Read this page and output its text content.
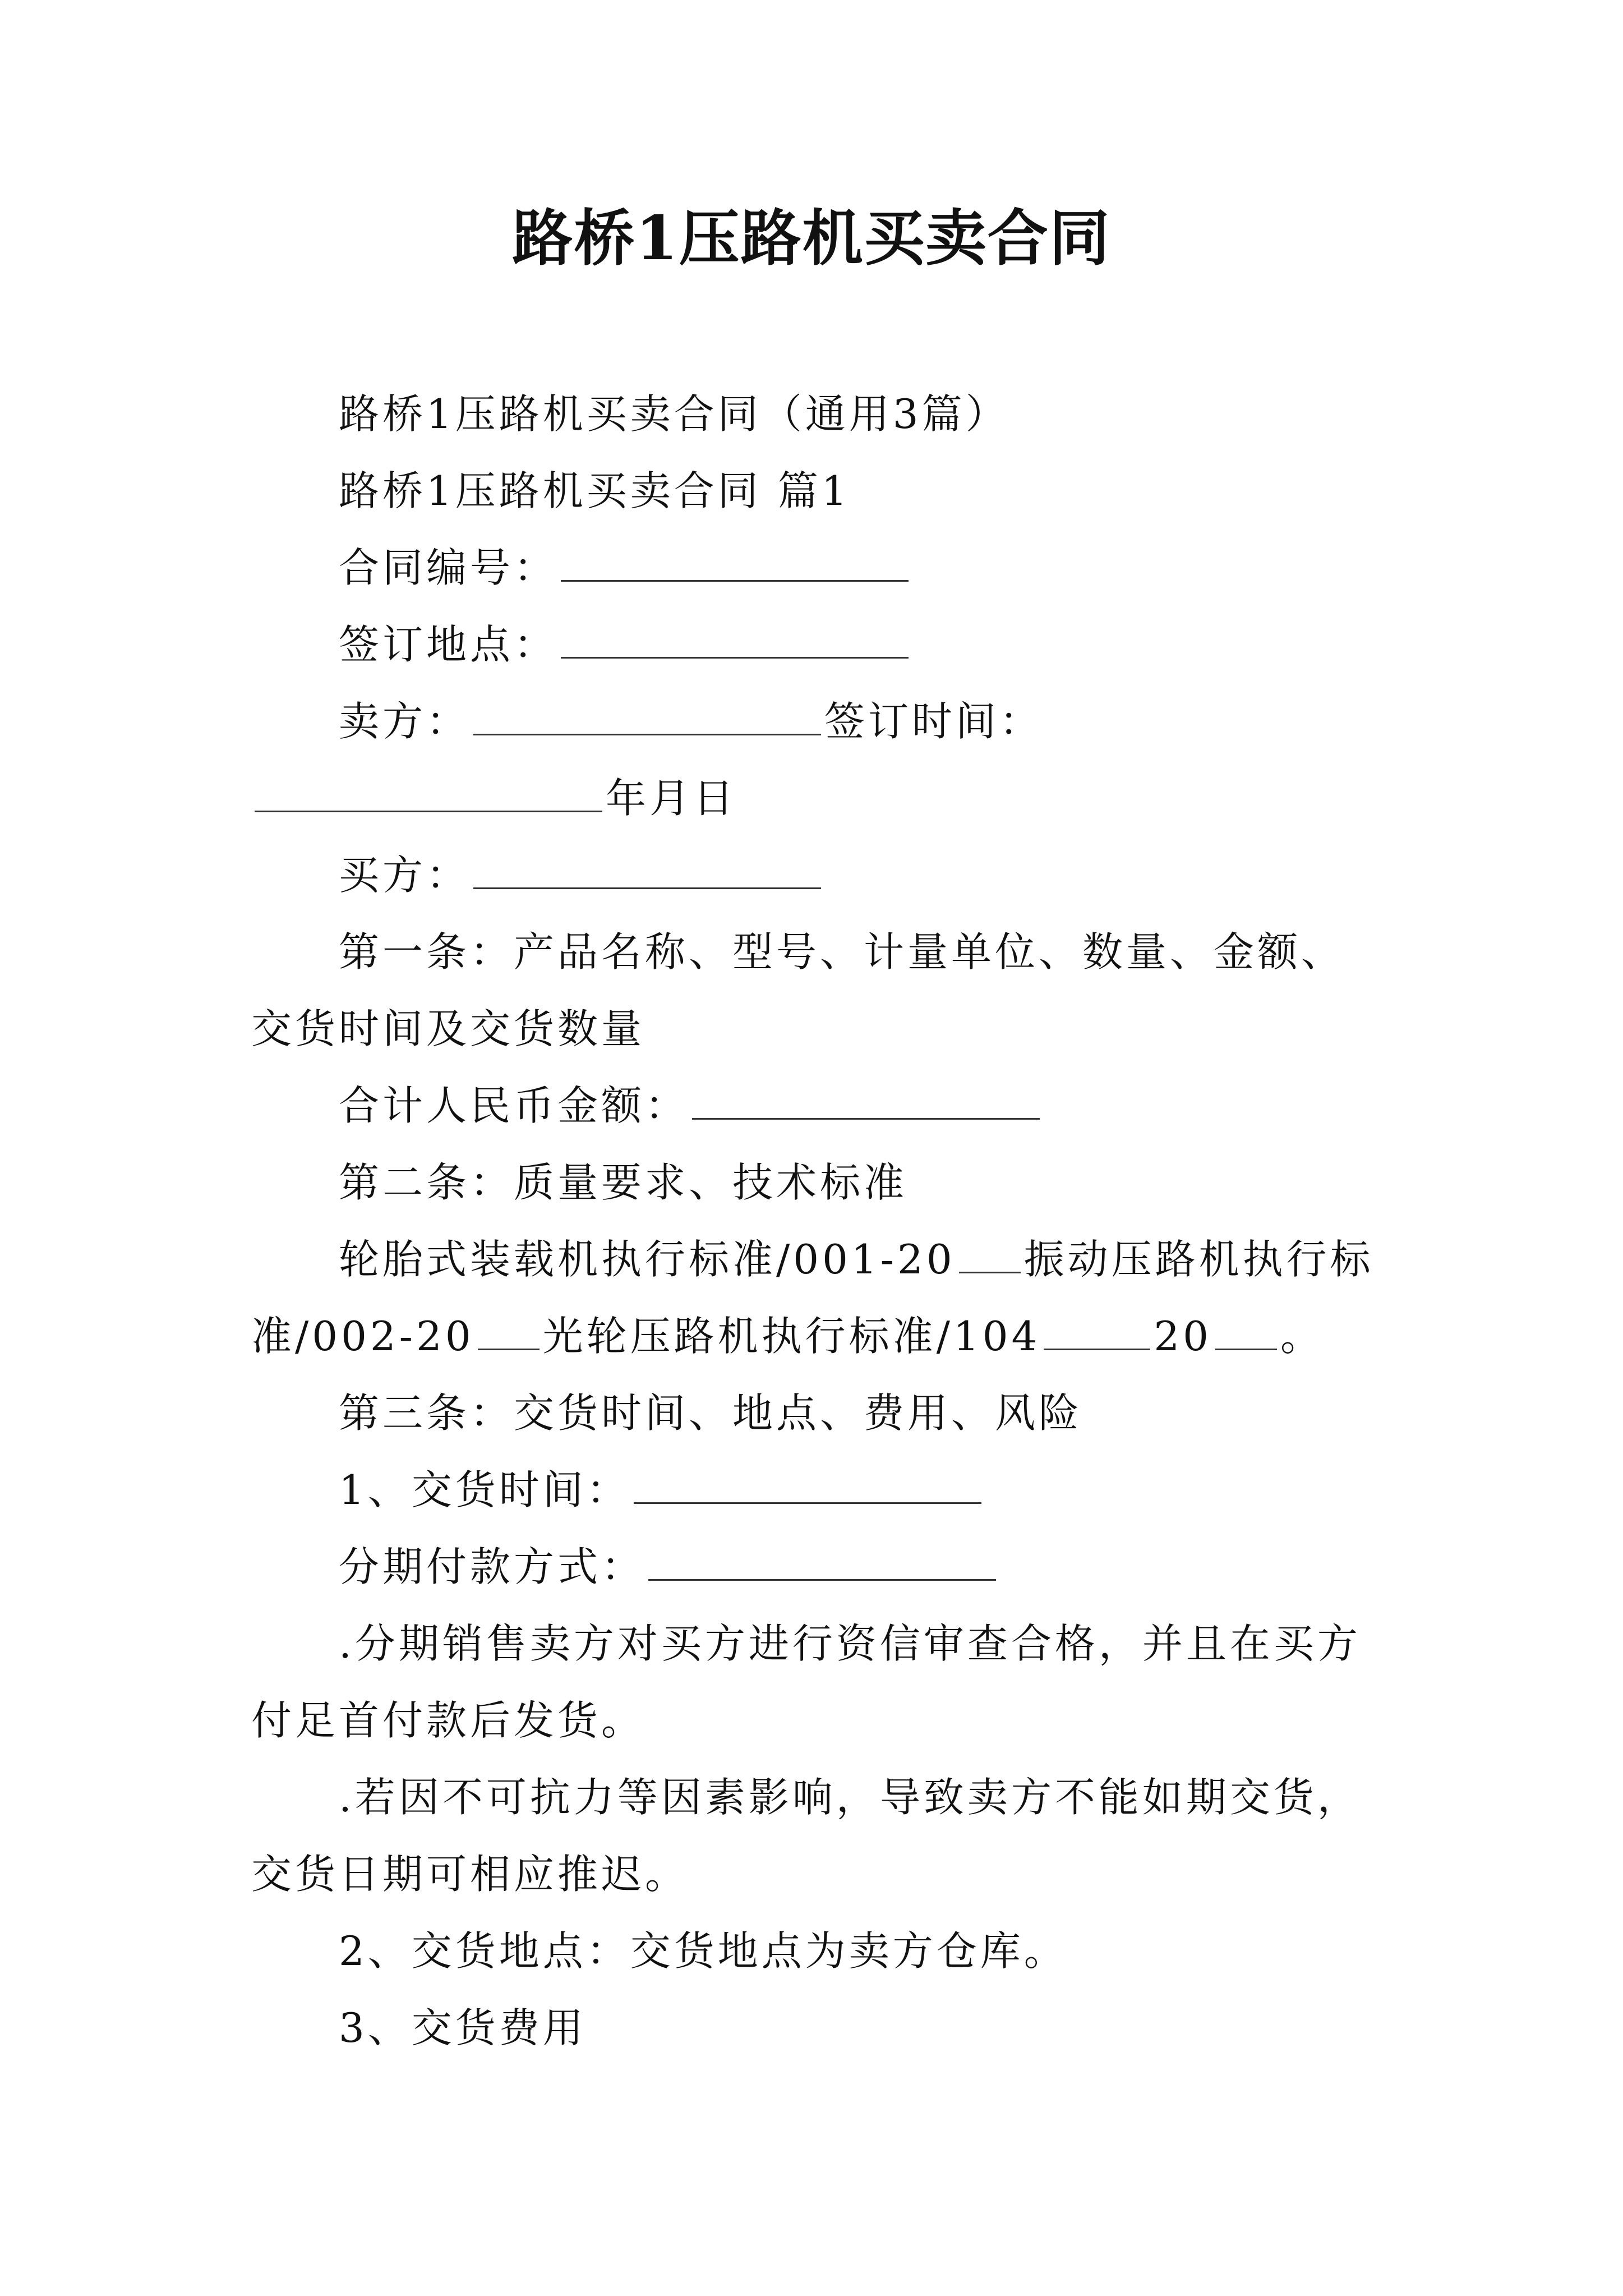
路桥1压路机买卖合同

路桥1压路机买卖合同（通用3篇）

路桥1压路机买卖合同 篇1

合同编号：

签订地点：

卖方：	签订时间：年月日

买方：

第一条：产品名称、型号、计量单位、数量、金额、交货时间及交货数量

合计人民币金额：

第二条：质量要求、技术标准

轮胎式装载机执行标准/001-20 振动压路机执行标准/002-20 光轮压路机执行标准/104	20 。

第三条：交货时间、地点、费用、风险

1、交货时间：

分期付款方式：

.分期销售卖方对买方进行资信审查合格，并且在买方付足首付款后发货。

.若因不可抗力等因素影响，导致卖方不能如期交货，交货日期可相应推迟。

2、交货地点：交货地点为卖方仓库。

3、交货费用
